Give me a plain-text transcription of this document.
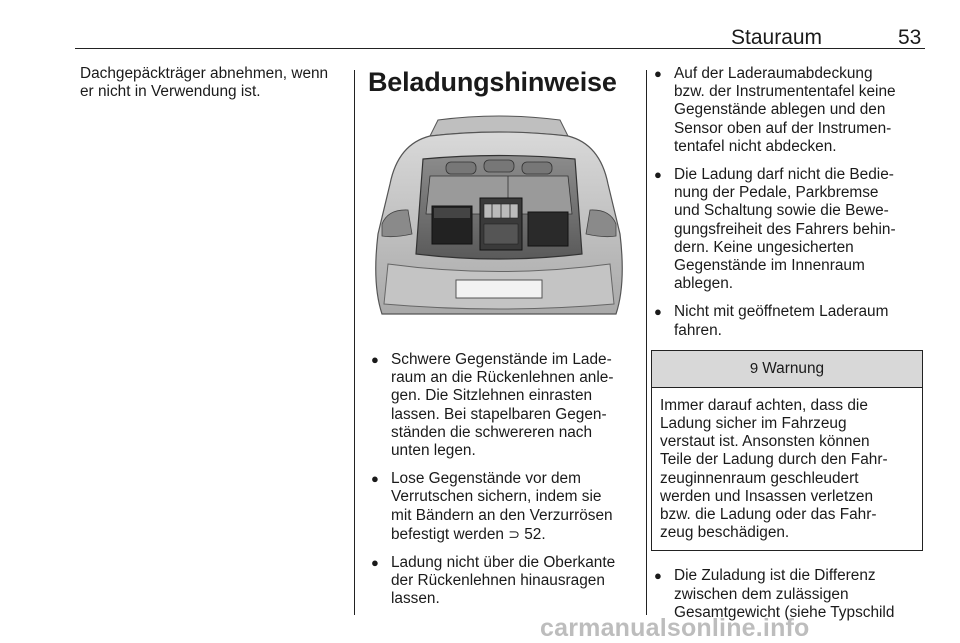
Stauraum	53

Dachgepäckträger abnehmen, wenn
er nicht in Verwendung ist.	Beladungshinweise
● Schwere Gegenstände im Lade-
raum an die Rückenlehnen anle-
gen. Die Sitzlehnen einrasten
lassen. Bei stapelbaren Gegen-
ständen die schwereren nach
unten legen.
● Lose Gegenstände vor dem
Verrutschen sichern, indem sie
mit Bändern an den Verzurrösen
befestigt werden ⊃ 52.
● Ladung nicht über die Oberkante
der Rückenlehnen hinausragen
lassen.
● Auf der Laderaumabdeckung
bzw. der Instrumententafel keine
Gegenstände ablegen und den
Sensor oben auf der Instrumen-
tentafel nicht abdecken.
● Die Ladung darf nicht die Bedie-
nung der Pedale, Parkbremse
und Schaltung sowie die Bewe-
gungsfreiheit des Fahrers behin-
dern. Keine ungesicherten
Gegenstände im Innenraum
ablegen.
● Nicht mit geöffnetem Laderaum
fahren.
9 Warnung
Immer darauf achten, dass die
Ladung sicher im Fahrzeug
verstaut ist. Ansonsten können
Teile der Ladung durch den Fahr-
zeuginnenraum geschleudert
werden und Insassen verletzen
bzw. die Ladung oder das Fahr-
zeug beschädigen.
● Die Zuladung ist die Differenz
zwischen dem zulässigen
Gesamtgewicht (siehe Typschild
carmanualsonline.info
